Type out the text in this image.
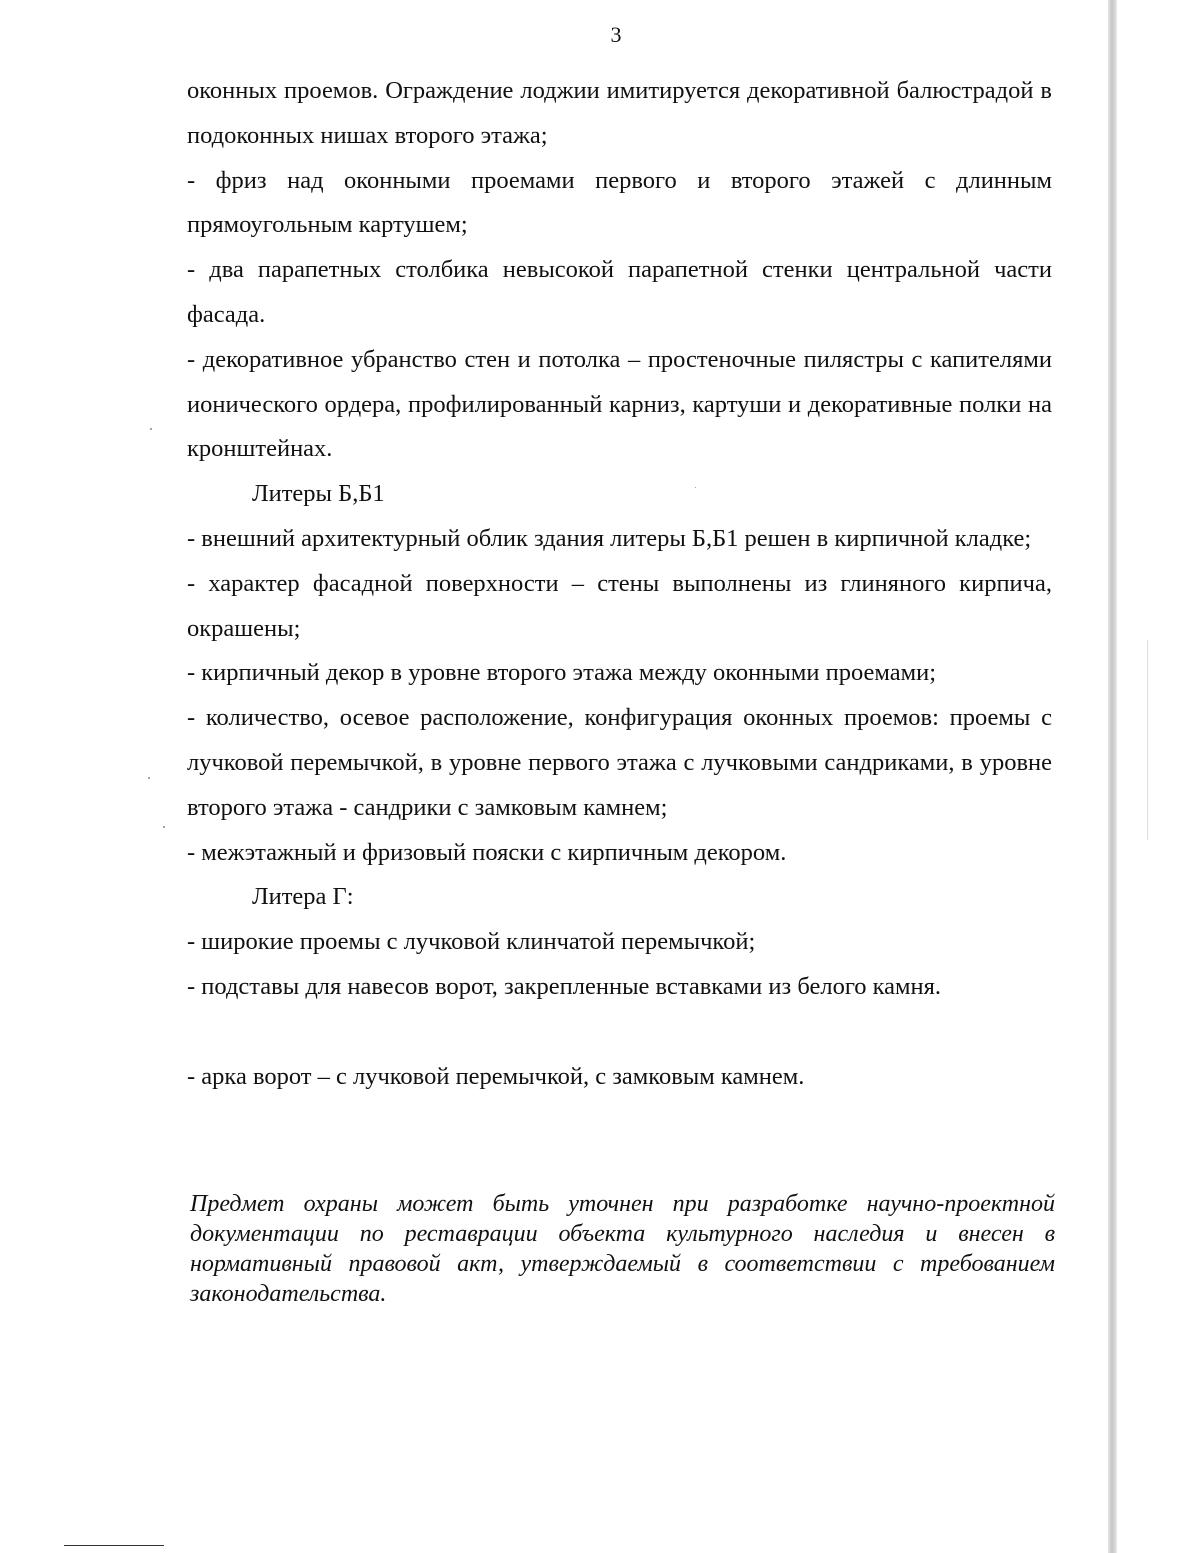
3

оконных проемов. Ограждение лоджии имитируется декоративной балюстрадой в подоконных нишах второго этажа;

- фриз над оконными проемами первого и второго этажей с длинным прямоугольным картушем;

- два парапетных столбика невысокой парапетной стенки центральной части фасада.

- декоративное убранство стен и потолка – простеночные пилястры с капителями ионического ордера, профилированный карниз, картуши и декоративные полки на кронштейнах.

Литеры Б,Б1

- внешний архитектурный облик здания литеры Б,Б1 решен в кирпичной кладке;

- характер фасадной поверхности – стены выполнены из глиняного кирпича, окрашены;

- кирпичный декор в уровне второго этажа между оконными проемами;

- количество, осевое расположение, конфигурация оконных проемов: проемы с лучковой перемычкой, в уровне первого этажа с лучковыми сандриками, в уровне второго этажа - сандрики с замковым камнем;

- межэтажный и фризовый пояски с кирпичным декором.

Литера Г:

- широкие проемы с лучковой клинчатой перемычкой;

- подставы для навесов ворот, закрепленные вставками из белого камня.

- арка ворот – с лучковой перемычкой, с замковым камнем.

Предмет охраны может быть уточнен при разработке научно-проектной документации по реставрации объекта культурного наследия и внесен в нормативный правовой акт, утверждаемый в соответствии с требованием законодательства.
